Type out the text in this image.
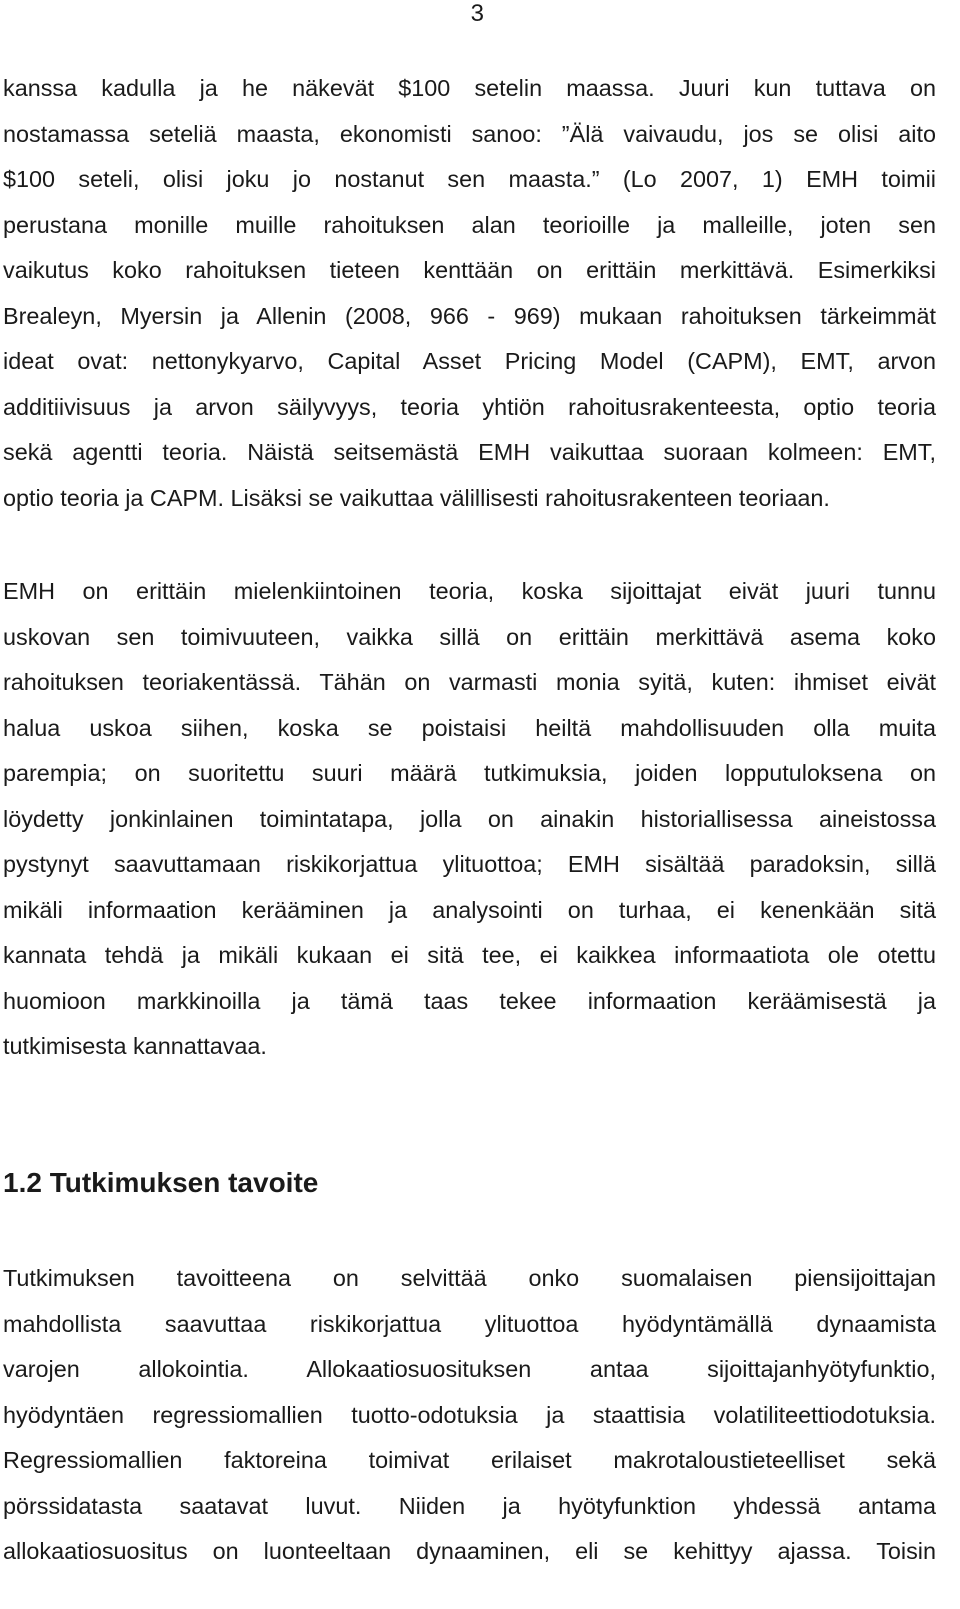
3
kanssa kadulla ja he näkevät $100 setelin maassa. Juuri kun tuttava on
nostamassa seteliä maasta, ekonomisti sanoo: ”Älä vaivaudu, jos se olisi aito
$100 seteli, olisi joku jo nostanut sen maasta.” (Lo 2007, 1) EMH toimii
perustana monille muille rahoituksen alan teorioille ja malleille, joten sen
vaikutus koko rahoituksen tieteen kenttään on erittäin merkittävä. Esimerkiksi
Brealeyn, Myersin ja Allenin (2008, 966 - 969) mukaan rahoituksen tärkeimmät
ideat ovat: nettonykyarvo, Capital Asset Pricing Model (CAPM), EMT, arvon
additiivisuus ja arvon säilyvyys, teoria yhtiön rahoitusrakenteesta, optio teoria
sekä agentti teoria. Näistä seitsemästä EMH vaikuttaa suoraan kolmeen: EMT,
optio teoria ja CAPM. Lisäksi se vaikuttaa välillisesti rahoitusrakenteen teoriaan.
EMH on erittäin mielenkiintoinen teoria, koska sijoittajat eivät juuri tunnu
uskovan sen toimivuuteen, vaikka sillä on erittäin merkittävä asema koko
rahoituksen teoriakentässä. Tähän on varmasti monia syitä, kuten: ihmiset eivät
halua uskoa siihen, koska se poistaisi heiltä mahdollisuuden olla muita
parempia; on suoritettu suuri määrä tutkimuksia, joiden lopputuloksena on
löydetty jonkinlainen toimintatapa, jolla on ainakin historiallisessa aineistossa
pystynyt saavuttamaan riskikorjattua ylituottoa; EMH sisältää paradoksin, sillä
mikäli informaation kerääminen ja analysointi on turhaa, ei kenenkään sitä
kannata tehdä ja mikäli kukaan ei sitä tee, ei kaikkea informaatiota ole otettu
huomioon markkinoilla ja tämä taas tekee informaation keräämisestä ja
tutkimisesta kannattavaa.
1.2 Tutkimuksen tavoite
Tutkimuksen tavoitteena on selvittää onko suomalaisen piensijoittajan
mahdollista saavuttaa riskikorjattua ylituottoa hyödyntämällä dynaamista
varojen allokointia. Allokaatiosuosituksen antaa sijoittajanhyötyfunktio,
hyödyntäen regressiomallien tuotto-odotuksia ja staattisia volatiliteettiodotuksia.
Regressiomallien faktoreina toimivat erilaiset makrotaloustieteelliset sekä
pörssidatasta saatavat luvut. Niiden ja hyötyfunktion yhdessä antama
allokaatiosuositus on luonteeltaan dynaaminen, eli se kehittyy ajassa. Toisin
